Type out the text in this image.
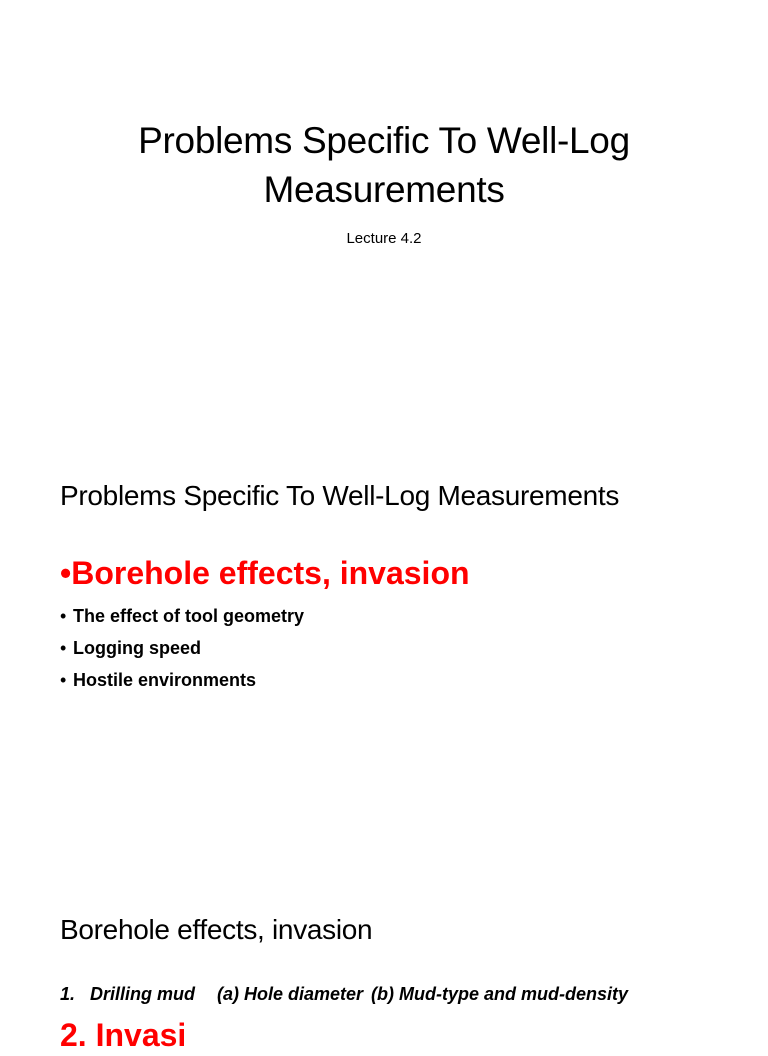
Problems Specific To Well-Log
Measurements

Lecture 4.2

Problems Specific To Well-Log Measurements

•Borehole effects, invasion

• The effect of tool geometry
• Logging speed
• Hostile environments
Borehole effects, invasion

1. Drilling mud (a) Hole diameter (b) Mud-type and mud-density

2. Invasi
